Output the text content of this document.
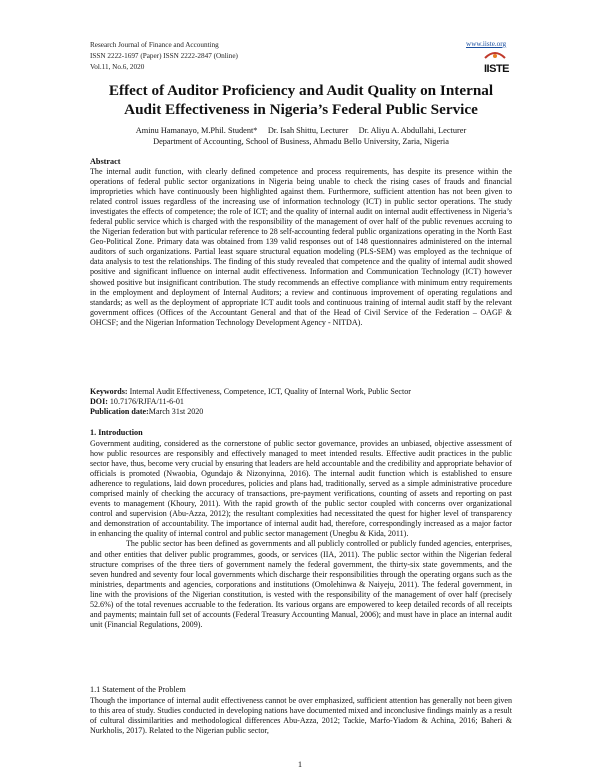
Research Journal of Finance and Accounting
ISSN 2222-1697 (Paper) ISSN 2222-2847 (Online)
Vol.11, No.6, 2020
www.iiste.org
IISTE
Effect of Auditor Proficiency and Audit Quality on Internal Audit Effectiveness in Nigeria’s Federal Public Service
Aminu Hamanayo, M.Phil. Student*     Dr. Isah Shittu, Lecturer     Dr. Aliyu A. Abdullahi, Lecturer
Department of Accounting, School of Business, Ahmadu Bello University, Zaria, Nigeria
Abstract

The internal audit function, with clearly defined competence and process requirements, has despite its presence within the operations of federal public sector organizations in Nigeria being unable to check the rising cases of frauds and financial improprieties which have continuously been highlighted against them. Furthermore, sufficient attention has not been given to related control issues regardless of the increasing use of information technology (ICT) in public sector operations. The study investigates the effects of competence; the role of ICT; and the quality of internal audit on internal audit effectiveness in Nigeria’s federal public service which is charged with the responsibility of the management of over half of the public revenues accruing to the Nigerian federation but with particular reference to 28 self-accounting federal public organizations operating in the North East Geo-Political Zone. Primary data was obtained from 139 valid responses out of 148 questionnaires administered on the internal auditors of such organizations. Partial least square structural equation modeling (PLS-SEM) was employed as the technique of data analysis to test the relationships. The finding of this study revealed that competence and the quality of internal audit showed positive and significant influence on internal audit effectiveness. Information and Communication Technology (ICT) however showed positive but insignificant contribution. The study recommends an effective compliance with minimum entry requirements in the employment and deployment of Internal Auditors; a review and continuous improvement of operating regulations and standards; as well as the deployment of appropriate ICT audit tools and continuous training of internal audit staff by the relevant government offices (Offices of the Accountant General and that of the Head of Civil Service of the Federation – OAGF & OHCSF; and the Nigerian Information Technology Development Agency - NITDA).

Keywords: Internal Audit Effectiveness, Competence, ICT, Quality of Internal Work, Public Sector
DOI: 10.7176/RJFA/11-6-01
Publication date:March 31st 2020
1. Introduction

Government auditing, considered as the cornerstone of public sector governance, provides an unbiased, objective assessment of how public resources are responsibly and effectively managed to meet intended results. Effective audit practices in the public sector have, thus, become very crucial by ensuring that leaders are held accountable and the credibility and appropriate behavior of officials is promoted (Nwaobia, Ogundajo & Nizonyinna, 2016). The internal audit function which is established to ensure adherence to regulations, laid down procedures, policies and plans had, traditionally, served as a simple administrative procedure comprised mainly of checking the accuracy of transactions, pre-payment verifications, counting of assets and reporting on past events to management (Khoury, 2011). With the rapid growth of the public sector coupled with concerns over organizational control and supervision (Abu-Azza, 2012); the resultant complexities had necessitated the quest for higher level of transparency and demonstration of accountability. The importance of internal audit had, therefore, correspondingly increased as a major factor in enhancing the quality of internal control and public sector management (Unegbu & Kida, 2011).

The public sector has been defined as governments and all publicly controlled or publicly funded agencies, enterprises, and other entities that deliver public programmes, goods, or services (IIA, 2011). The public sector within the Nigerian federal structure comprises of the three tiers of government namely the federal government, the thirty-six state governments, and the seven hundred and seventy four local governments which discharge their responsibilities through the operating organs such as the ministries, departments and agencies, corporations and institutions (Omolehinwa & Naiyeju, 2011). The federal government, in line with the provisions of the Nigerian constitution, is vested with the responsibility of the management of over half (precisely 52.6%) of the total revenues accruable to the federation. Its various organs are empowered to keep detailed records of all receipts and payments; maintain full set of accounts (Federal Treasury Accounting Manual, 2006); and must have in place an internal audit unit (Financial Regulations, 2009).

1.1 Statement of the Problem

Though the importance of internal audit effectiveness cannot be over emphasized, sufficient attention has generally not been given to this area of study. Studies conducted in developing nations have documented mixed and inconclusive findings mainly as a result of cultural dissimilarities and methodological differences Abu-Azza, 2012; Tackie, Marfo-Yiadom & Achina, 2016; Baheri & Nurkholis, 2017). Related to the Nigerian public sector,

1
